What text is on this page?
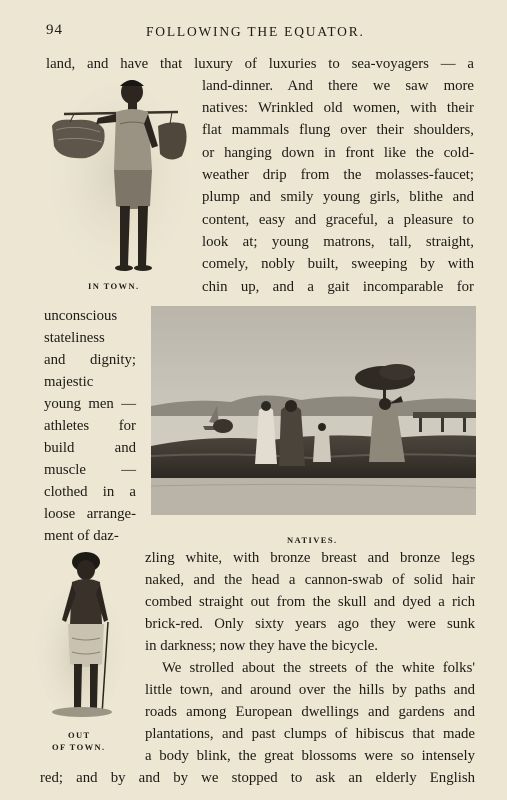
94	FOLLOWING THE EQUATOR.
IN TOWN.
NATIVES.
OUT
OF TOWN.
land, and have that luxury of luxuries to sea-voyagers — a
land-dinner. And there we saw more
natives: Wrinkled old women, with their
flat mammals flung over their shoulders,
or hanging down in front like the cold-
weather drip from the molasses-faucet;
plump and smily young girls, blithe and
content, easy and graceful, a pleasure to
look at; young matrons, tall, straight,
comely, nobly built, sweeping by with
chin up, and a gait incomparable for
unconscious
stateliness
and dignity;
majestic
young men —
athletes for
build and
muscle —
clothed in a
loose arrange-
ment of daz-
zling white, with bronze breast and bronze legs
naked, and the head a cannon-swab of solid hair
combed straight out from the skull and dyed a rich
brick-red. Only sixty years ago they were sunk
in darkness; now they have the bicycle.
We strolled about the streets of the white folks'
little town, and around over the hills by paths and
roads among European dwellings and gardens and
plantations, and past clumps of hibiscus that made
a body blink, the great blossoms were so intensely
red; and by and by we stopped to ask an elderly English
